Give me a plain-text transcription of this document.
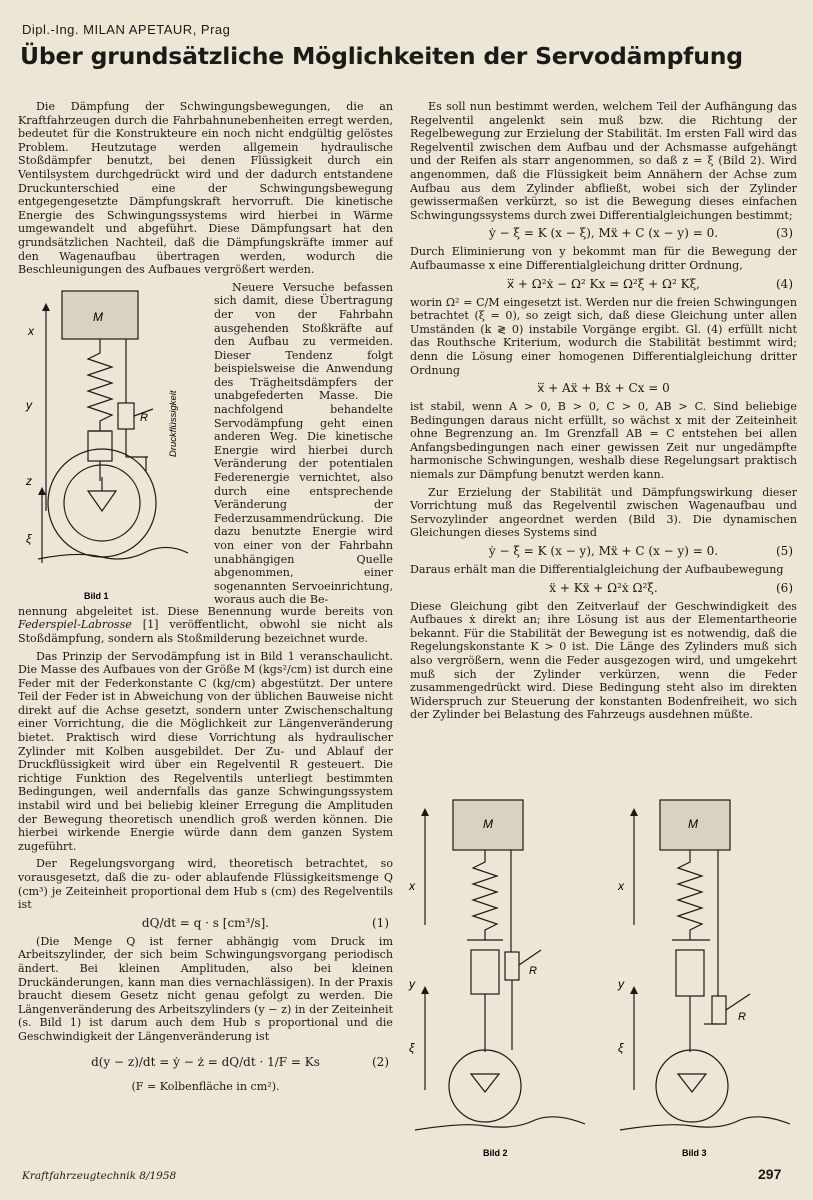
Dipl.-Ing. MILAN APETAUR, Prag
Über grundsätzliche Möglichkeiten der Servodämpfung

Die Dämpfung der Schwingungsbewegungen, die an Kraftfahrzeugen durch die Fahrbahnunebenheiten erregt werden, bedeutet für die Konstrukteure ein noch nicht endgültig gelöstes Problem. Heutzutage werden allgemein hydraulische Stoßdämpfer benutzt, bei denen Flüssigkeit durch ein Ventilsystem durchgedrückt wird und der dadurch entstandene Druckunterschied eine der Schwingungsbewegung entgegengesetzte Dämpfungskraft hervorruft. Die kinetische Energie des Schwingungssystems wird hierbei in Wärme umgewandelt und abgeführt. Diese Dämpfungsart hat den grundsätzlichen Nachteil, daß die Dämpfungskräfte immer auf den Wagenaufbau übertragen werden, wodurch die Beschleunigungen des Aufbaues vergrößert werden.

M
x
y
z
ξ
R Druckflüssigkeit
Bild 1

Neuere Versuche befassen sich damit, diese Übertragung der von der Fahrbahn ausgehenden Stoßkräfte auf den Aufbau zu vermeiden. Dieser Tendenz folgt beispielsweise die Anwendung des Trägheitsdämpfers der unabgefederten Masse. Die nachfolgend behandelte Servodämpfung geht einen anderen Weg. Die kinetische Energie wird hierbei durch Veränderung der potentialen Federenergie vernichtet, also durch eine entsprechende Veränderung der Federzusammendrückung. Die dazu benutzte Energie wird von einer von der Fahrbahn unabhängigen Quelle abgenommen, einer sogenannten Servoeinrichtung, woraus auch die Be-

nennung abgeleitet ist. Diese Benennung wurde bereits von Federspiel-Labrosse [1] veröffentlicht, obwohl sie nicht als Stoßdämpfung, sondern als Stoßmilderung bezeichnet wurde.

Das Prinzip der Servodämpfung ist in Bild 1 veranschaulicht. Die Masse des Aufbaues von der Größe M (kgs²/cm) ist durch eine Feder mit der Federkonstante C (kg/cm) abgestützt. Der untere Teil der Feder ist in Abweichung von der üblichen Bauweise nicht direkt auf die Achse gesetzt, sondern unter Zwischenschaltung einer Vorrichtung, die die Möglichkeit zur Längenveränderung bietet. Praktisch wird diese Vorrichtung als hydraulischer Zylinder mit Kolben ausgebildet. Der Zu- und Ablauf der Druckflüssigkeit wird über ein Regelventil R gesteuert. Die richtige Funktion des Regelventils unterliegt bestimmten Bedingungen, weil andernfalls das ganze Schwingungssystem instabil wird und bei beliebig kleiner Erregung die Amplituden der Bewegung theoretisch unendlich groß werden können. Die hierbei wirkende Energie würde dann dem ganzen System zugeführt.

Der Regelungsvorgang wird, theoretisch betrachtet, so vorausgesetzt, daß die zu- oder ablaufende Flüssigkeitsmenge Q (cm³) je Zeiteinheit proportional dem Hub s (cm) des Regelventils ist

dQ/dt = q · s [cm³/s].	(1)

(Die Menge Q ist ferner abhängig vom Druck im Arbeitszylinder, der sich beim Schwingungsvorgang periodisch ändert. Bei kleinen Amplituden, also bei kleinen Druckänderungen, kann man dies vernachlässigen). In der Praxis braucht diesem Gesetz nicht genau gefolgt zu werden. Die Längenveränderung des Arbeitszylinders (y − z) in der Zeiteinheit (s. Bild 1) ist darum auch dem Hub s proportional und die Geschwindigkeit der Längenveränderung ist

d(y − z)/dt = ẏ − ż = dQ/dt · 1/F = Ks	(2)
(F = Kolbenfläche in cm²).

Es soll nun bestimmt werden, welchem Teil der Aufhängung das Regelventil angelenkt sein muß bzw. die Richtung der Regelbewegung zur Erzielung der Stabilität. Im ersten Fall wird das Regelventil zwischen dem Aufbau und der Achsmasse aufgehängt und der Reifen als starr angenommen, so daß z = ξ (Bild 2). Wird angenommen, daß die Flüssigkeit beim Annähern der Achse zum Aufbau aus dem Zylinder abfließt, wobei sich der Zylinder gewissermaßen verkürzt, so ist die Bewegung dieses einfachen Schwingungssystems durch zwei Differentialgleichungen bestimmt;

ẏ − ξ̇ = K (x − ξ), Mẍ + C (x − y) = 0.	(3)

Durch Eliminierung von y bekommt man für die Bewegung der Aufbaumasse x eine Differentialgleichung dritter Ordnung,

x⃛ + Ω²ẋ − Ω² Kx = Ω²ξ̇ + Ω² Kξ,	(4)

worin Ω² = C/M eingesetzt ist. Werden nur die freien Schwingungen betrachtet (ξ = 0), so zeigt sich, daß diese Gleichung unter allen Umständen (k ≷ 0) instabile Vorgänge ergibt. Gl. (4) erfüllt nicht das Routhsche Kriterium, wodurch die Stabilität bestimmt wird; denn die Lösung einer homogenen Differentialgleichung dritter Ordnung

x⃛ + Aẍ + Bẋ + Cx = 0

ist stabil, wenn A > 0, B > 0, C > 0, AB > C. Sind beliebige Bedingungen daraus nicht erfüllt, so wächst x mit der Zeiteinheit ohne Begrenzung an. Im Grenzfall AB = C entstehen bei allen Anfangsbedingungen nach einer gewissen Zeit nur ungedämpfte harmonische Schwingungen, weshalb diese Regelungsart praktisch niemals zur Dämpfung benutzt werden kann.

Zur Erzielung der Stabilität und Dämpfungswirkung dieser Vorrichtung muß das Regelventil zwischen Wagenaufbau und Servozylinder angeordnet werden (Bild 3). Die dynamischen Gleichungen dieses Systems sind

ẏ − ξ̇ = K (x − y), Mẍ + C (x − y) = 0.	(5)

Daraus erhält man die Differentialgleichung der Aufbaubewegung

ẍ + Kẍ + Ω²ẋ Ω²ξ̇.	(6)

Diese Gleichung gibt den Zeitverlauf der Geschwindigkeit des Aufbaues ẋ direkt an; ihre Lösung ist aus der Elementartheorie bekannt. Für die Stabilität der Bewegung ist es notwendig, daß die Regelungskonstante K > 0 ist. Die Länge des Zylinders muß sich also vergrößern, wenn die Feder ausgezogen wird, und umgekehrt muß sich der Zylinder verkürzen, wenn die Feder zusammengedrückt wird. Diese Bedingung steht also im direkten Widerspruch zur Steuerung der konstanten Bodenfreiheit, wo sich der Zylinder bei Belastung des Fahrzeugs ausdehnen müßte.

M
x
y
ξ
R
Bild 2
M
x
y
ξ
R
Bild 3
Kraftfahrzeugtechnik 8/1958	297
